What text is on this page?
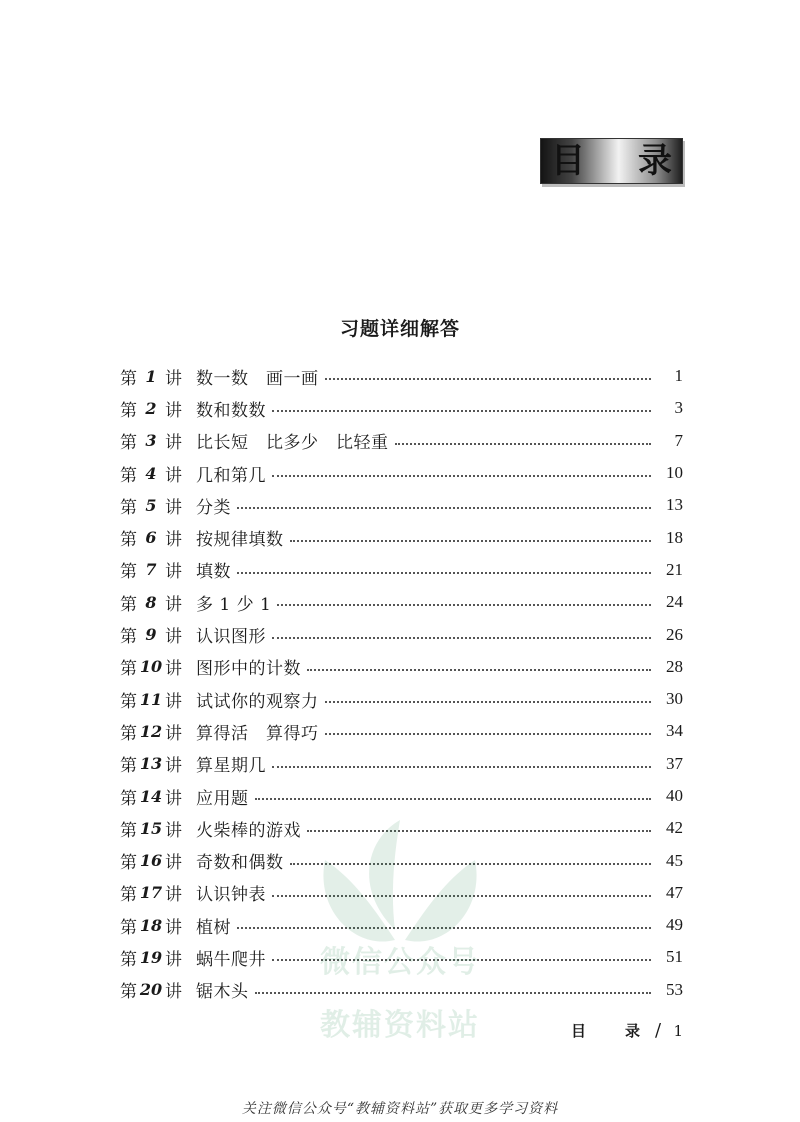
目 录
习题详细解答
第 1 讲 数一数　画一画	1
第 2 讲 数和数数	3
第 3 讲 比长短　比多少　比轻重	7
第 4 讲 几和第几	10
第 5 讲 分类	13
第 6 讲 按规律填数	18
第 7 讲 填数	21
第 8 讲 多 1 少 1	24
第 9 讲 认识图形	26
第 10 讲 图形中的计数	28
第 11 讲 试试你的观察力	30
第 12 讲 算得活　算得巧	34
第 13 讲 算星期几	37
第 14 讲 应用题	40
第 15 讲 火柴棒的游戏	42
第 16 讲 奇数和偶数	45
第 17 讲 认识钟表	47
第 18 讲 植树	49
第 19 讲 蜗牛爬井	51
第 20 讲 锯木头	53
微信公众号
教辅资料站	目	录 / 1
关注微信公众号“教辅资料站”获取更多学习资料
